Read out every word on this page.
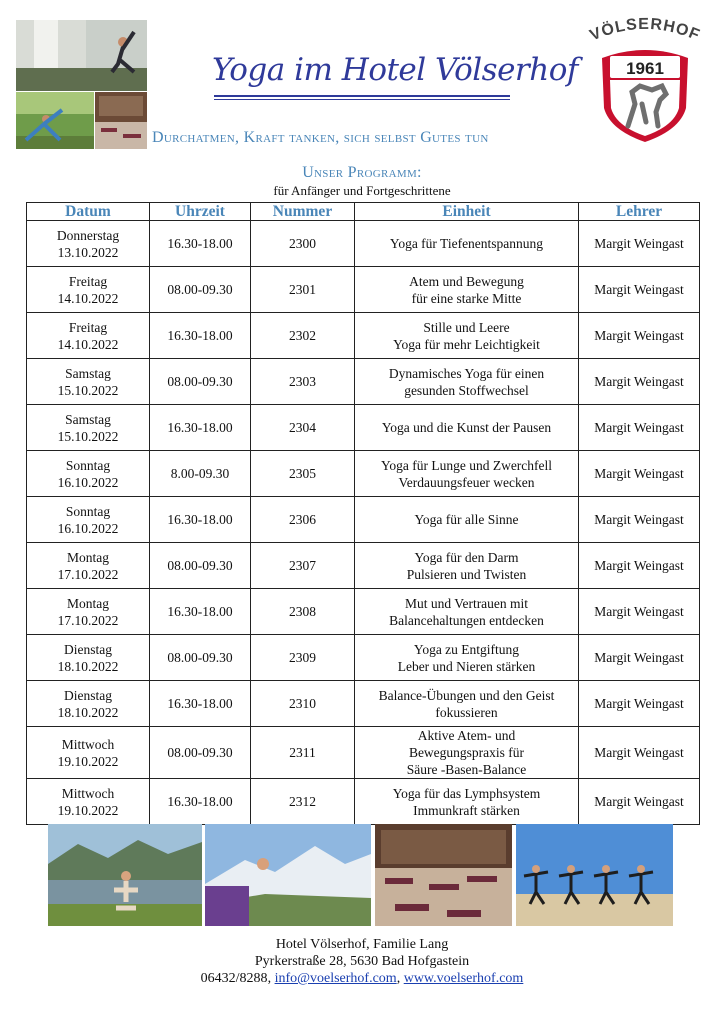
Yoga im Hotel Völserhof
Durchatmen, Kraft tanken, sich selbst Gutes tun
VÖLSERHOF
1961
Unser Programm:
für Anfänger und Fortgeschrittene
Datum	Uhrzeit	Nummer	Einheit	Lehrer

Donnerstag
13.10.2022	16.30-18.00	2300	Yoga für Tiefenentspannung	Margit Weingast

Freitag
14.10.2022	08.00-09.30	2301	Atem und Bewegung
für eine starke Mitte	Margit Weingast

Freitag
14.10.2022	16.30-18.00	2302	Stille und Leere
Yoga für mehr Leichtigkeit	Margit Weingast

Samstag
15.10.2022	08.00-09.30	2303	Dynamisches Yoga für einen
gesunden Stoffwechsel	Margit Weingast

Samstag
15.10.2022	16.30-18.00	2304	Yoga und die Kunst der Pausen	Margit Weingast

Sonntag
16.10.2022	8.00-09.30	2305	Yoga für Lunge und Zwerchfell
Verdauungsfeuer wecken	Margit Weingast

Sonntag
16.10.2022	16.30-18.00	2306	Yoga für alle Sinne	Margit Weingast

Montag
17.10.2022	08.00-09.30	2307	Yoga für den Darm
Pulsieren und Twisten	Margit Weingast

Montag
17.10.2022	16.30-18.00	2308	Mut und Vertrauen mit
Balancehaltungen entdecken	Margit Weingast

Dienstag
18.10.2022	08.00-09.30	2309	Yoga zu Entgiftung
Leber und Nieren stärken	Margit Weingast

Dienstag
18.10.2022	16.30-18.00	2310	Balance-Übungen und den Geist
fokussieren	Margit Weingast

Mittwoch
19.10.2022	08.00-09.30	2311	Aktive Atem- und
Bewegungspraxis für
Säure -Basen-Balance	Margit Weingast

Mittwoch
19.10.2022	16.30-18.00	2312	Yoga für das Lymphsystem
Immunkraft stärken	Margit Weingast
Hotel Völserhof, Familie Lang
Pyrkerstraße 28, 5630 Bad Hofgastein
06432/8288, info@voelserhof.com, www.voelserhof.com
